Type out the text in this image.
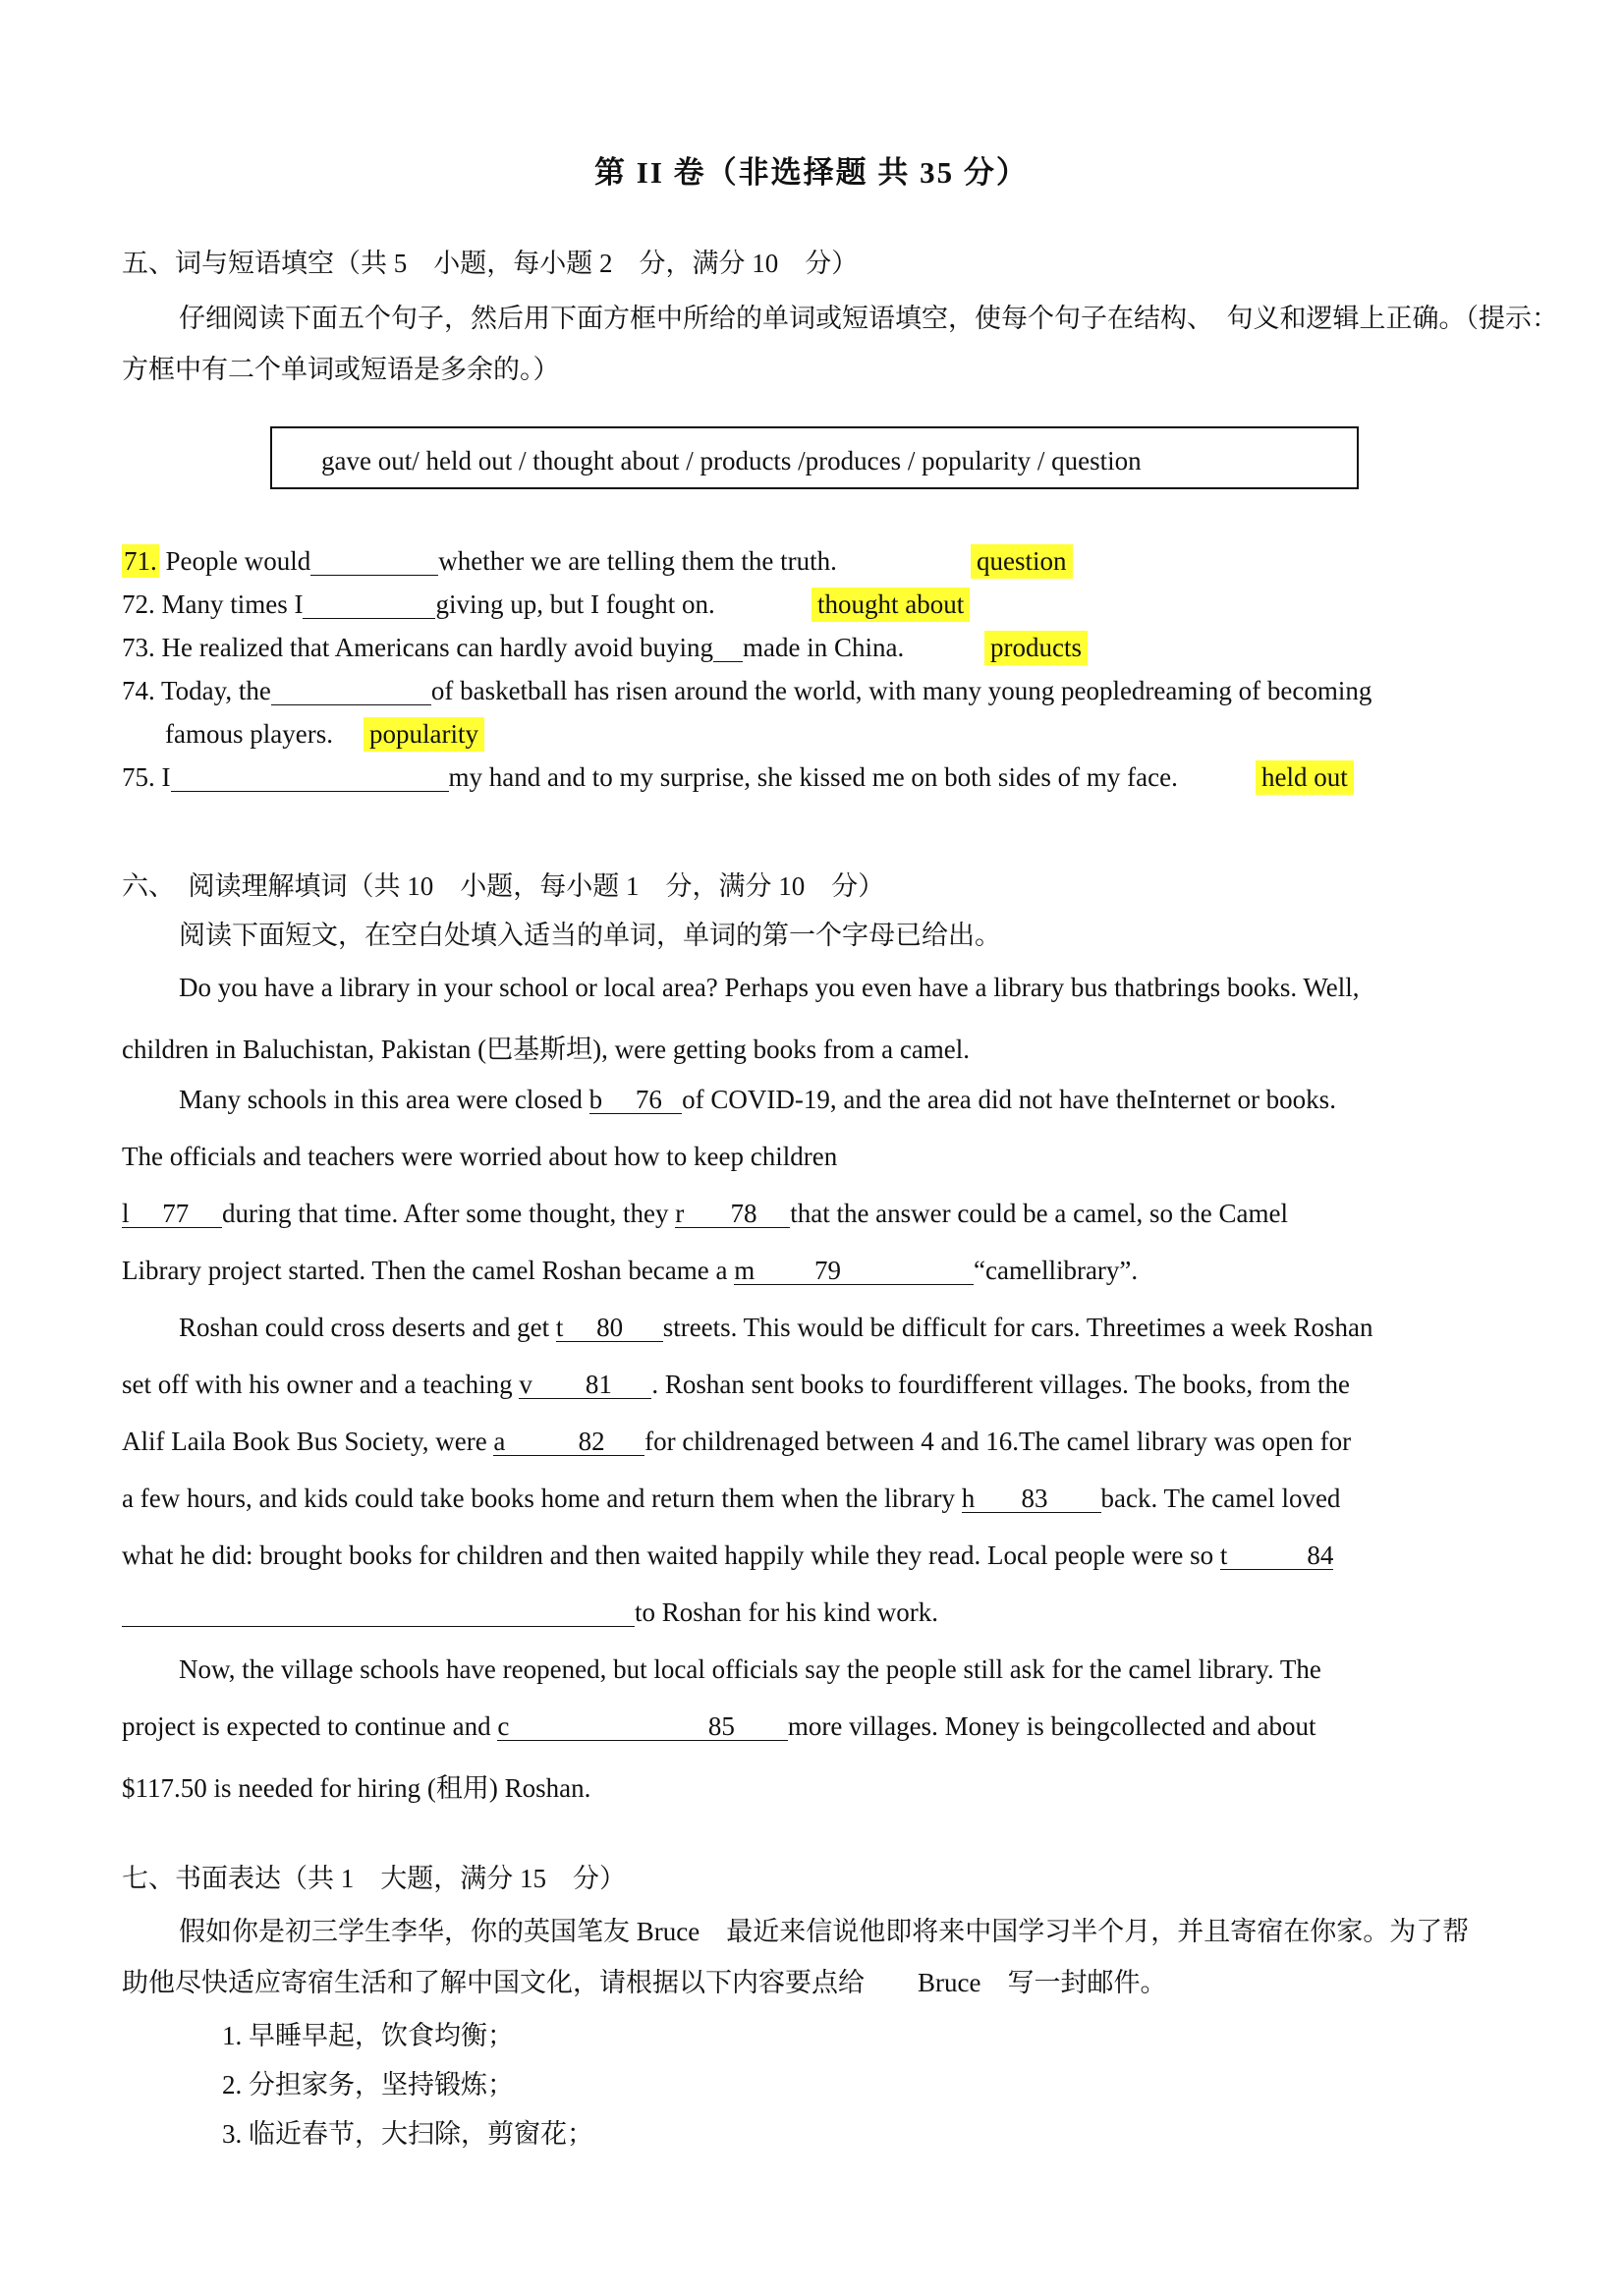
第 II 卷（非选择题 共 35 分）
五、词与短语填空（共 5　小题，每小题 2　分，满分 10　分）
仔细阅读下面五个句子，然后用下面方框中所给的单词或短语填空，使每个句子在结构、　句义和逻辑上正确。（提示：
方框中有二个单词或短语是多余的。）
gave out/ held out / thought about / products /produces / popularity / question
71. People would	whether we are telling them the truth.	question
72. Many times I	giving up, but I fought on.	thought about
73. He realized that Americans can hardly avoid buying made in China.	products
74. Today, the	of basketball has risen around the world, with many young peopledreaming of becoming
famous players. popularity
75. I	my hand and to my surprise, she kissed me on both sides of my face.	held out
六、　阅读理解填词（共 10　小题，每小题 1　分，满分 10　分）
阅读下面短文，在空白处填入适当的单词，单词的第一个字母已给出。
Do you have a library in your school or local area? Perhaps you even have a library bus thatbrings books. Well,
children in Baluchistan, Pakistan (巴基斯坦), were getting books from a camel.
Many schools in this area were closed b     76   of COVID-19, and the area did not have theInternet or books.
The officials and teachers were worried about how to keep children
l     77     during that time. After some thought, they r       78     that the answer could be a camel, so the Camel
Library project started. Then the camel Roshan became a m         79                    “camellibrary”.
Roshan could cross deserts and get t     80      streets. This would be difficult for cars. Threetimes a week Roshan
set off with his owner and a teaching v        81      . Roshan sent books to fourdifferent villages. The books, from the
Alif Laila Book Bus Society, were a           82      for childrenaged between 4 and 16.The camel library was open for
a few hours, and kids could take books home and return them when the library h       83        back. The camel loved
what he did: brought books for children and then waited happily while they read. Local people were so t            84
to Roshan for his kind work.
Now, the village schools have reopened, but local officials say the people still ask for the camel library. The
project is expected to continue and c                              85        more villages. Money is beingcollected and about
$117.50 is needed for hiring (租用) Roshan.
七、书面表达（共 1　大题，满分 15　分）
假如你是初三学生李华，你的英国笔友 Bruce　最近来信说他即将来中国学习半个月，并且寄宿在你家。为了帮
助他尽快适应寄宿生活和了解中国文化，请根据以下内容要点给　　Bruce　写一封邮件。
1. 早睡早起，饮食均衡；
2. 分担家务，坚持锻炼；
3. 临近春节，大扫除，剪窗花；
